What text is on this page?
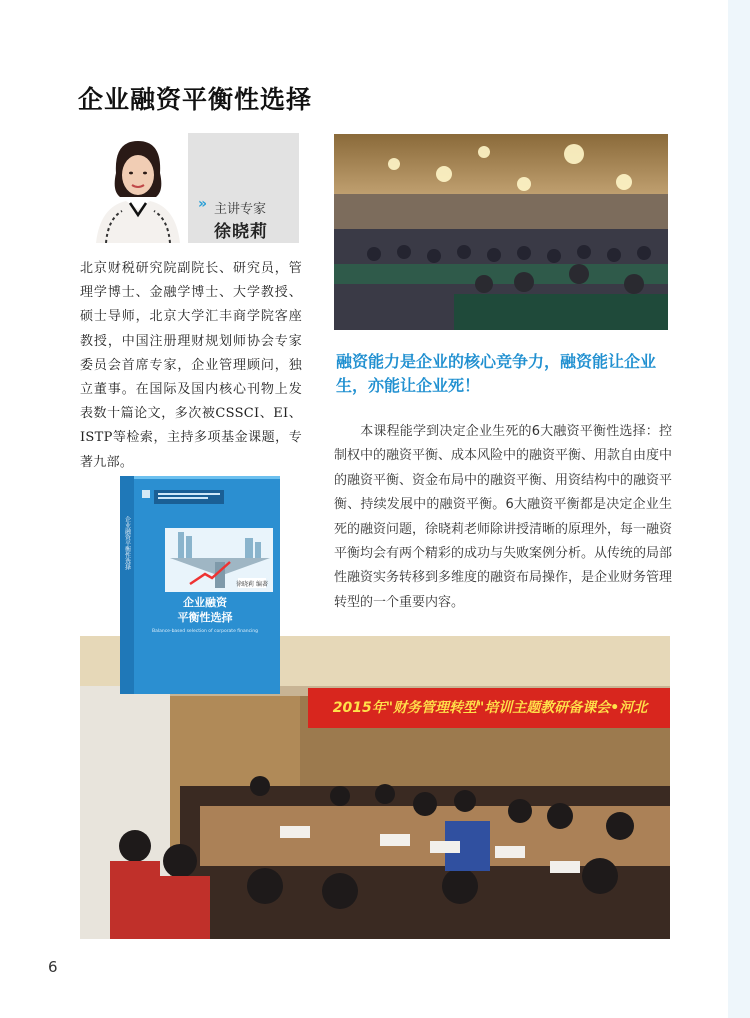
企业融资平衡性选择
» 主讲专家
徐晓莉
北京财税研究院副院长、研究员，管理学博士、金融学博士、大学教授、硕士导师，北京大学汇丰商学院客座教授，中国注册理财规划师协会专家委员会首席专家，企业管理顾问，独立董事。在国际及国内核心刊物上发表数十篇论文，多次被CSSCI、EI、ISTP等检索，主持多项基金课题，专著九部。
融资能力是企业的核心竞争力，融资能让企业生，亦能让企业死！
本课程能学到决定企业生死的6大融资平衡性选择：控制权中的融资平衡、成本风险中的融资平衡、用款自由度中的融资平衡、资金布局中的融资平衡、用资结构中的融资平衡、持续发展中的融资平衡。6大融资平衡都是决定企业生死的融资问题，徐晓莉老师除讲授清晰的原理外，每一融资平衡均会有两个精彩的成功与失败案例分析。从传统的局部性融资实务转移到多维度的融资布局操作，是企业财务管理转型的一个重要内容。
2015年"财务管理转型"培训主题教研备课会•河北
徐晓莉 编著
企业融资
平衡性选择
Balance-based selection of corporate financing
企业融资平衡性选择
6
